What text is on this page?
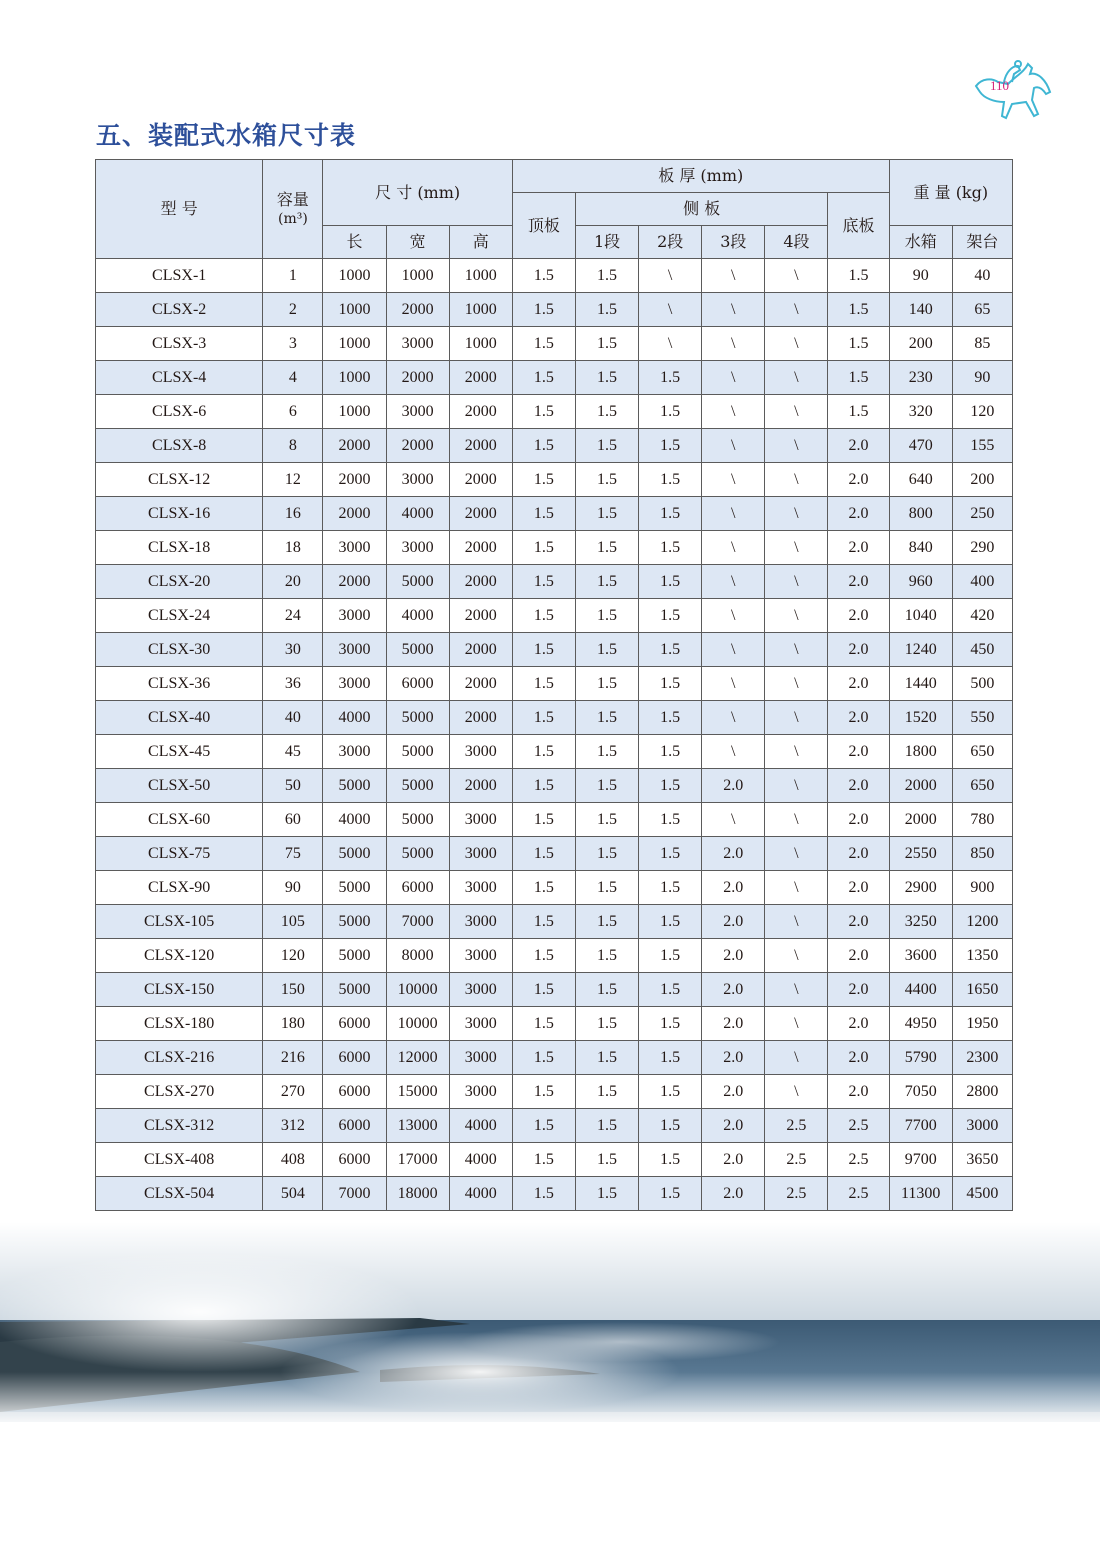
110
五、装配式水箱尺寸表
型 号	容量
(m³)	尺 寸 (mm)			板 厚 (mm)						重 量 (kg)	
					顶板	侧 板				底板		
		长	宽	高		1段	2段	3段	4段		水箱	架台
CLSX-1	1	1000	1000	1000	1.5	1.5	\	\	\	1.5	90	40
CLSX-2	2	1000	2000	1000	1.5	1.5	\	\	\	1.5	140	65
CLSX-3	3	1000	3000	1000	1.5	1.5	\	\	\	1.5	200	85
CLSX-4	4	1000	2000	2000	1.5	1.5	1.5	\	\	1.5	230	90
CLSX-6	6	1000	3000	2000	1.5	1.5	1.5	\	\	1.5	320	120
CLSX-8	8	2000	2000	2000	1.5	1.5	1.5	\	\	2.0	470	155
CLSX-12	12	2000	3000	2000	1.5	1.5	1.5	\	\	2.0	640	200
CLSX-16	16	2000	4000	2000	1.5	1.5	1.5	\	\	2.0	800	250
CLSX-18	18	3000	3000	2000	1.5	1.5	1.5	\	\	2.0	840	290
CLSX-20	20	2000	5000	2000	1.5	1.5	1.5	\	\	2.0	960	400
CLSX-24	24	3000	4000	2000	1.5	1.5	1.5	\	\	2.0	1040	420
CLSX-30	30	3000	5000	2000	1.5	1.5	1.5	\	\	2.0	1240	450
CLSX-36	36	3000	6000	2000	1.5	1.5	1.5	\	\	2.0	1440	500
CLSX-40	40	4000	5000	2000	1.5	1.5	1.5	\	\	2.0	1520	550
CLSX-45	45	3000	5000	3000	1.5	1.5	1.5	\	\	2.0	1800	650
CLSX-50	50	5000	5000	2000	1.5	1.5	1.5	2.0	\	2.0	2000	650
CLSX-60	60	4000	5000	3000	1.5	1.5	1.5	\	\	2.0	2000	780
CLSX-75	75	5000	5000	3000	1.5	1.5	1.5	2.0	\	2.0	2550	850
CLSX-90	90	5000	6000	3000	1.5	1.5	1.5	2.0	\	2.0	2900	900
CLSX-105	105	5000	7000	3000	1.5	1.5	1.5	2.0	\	2.0	3250	1200
CLSX-120	120	5000	8000	3000	1.5	1.5	1.5	2.0	\	2.0	3600	1350
CLSX-150	150	5000	10000	3000	1.5	1.5	1.5	2.0	\	2.0	4400	1650
CLSX-180	180	6000	10000	3000	1.5	1.5	1.5	2.0	\	2.0	4950	1950
CLSX-216	216	6000	12000	3000	1.5	1.5	1.5	2.0	\	2.0	5790	2300
CLSX-270	270	6000	15000	3000	1.5	1.5	1.5	2.0	\	2.0	7050	2800
CLSX-312	312	6000	13000	4000	1.5	1.5	1.5	2.0	2.5	2.5	7700	3000
CLSX-408	408	6000	17000	4000	1.5	1.5	1.5	2.0	2.5	2.5	9700	3650
CLSX-504	504	7000	18000	4000	1.5	1.5	1.5	2.0	2.5	2.5	11300	4500
